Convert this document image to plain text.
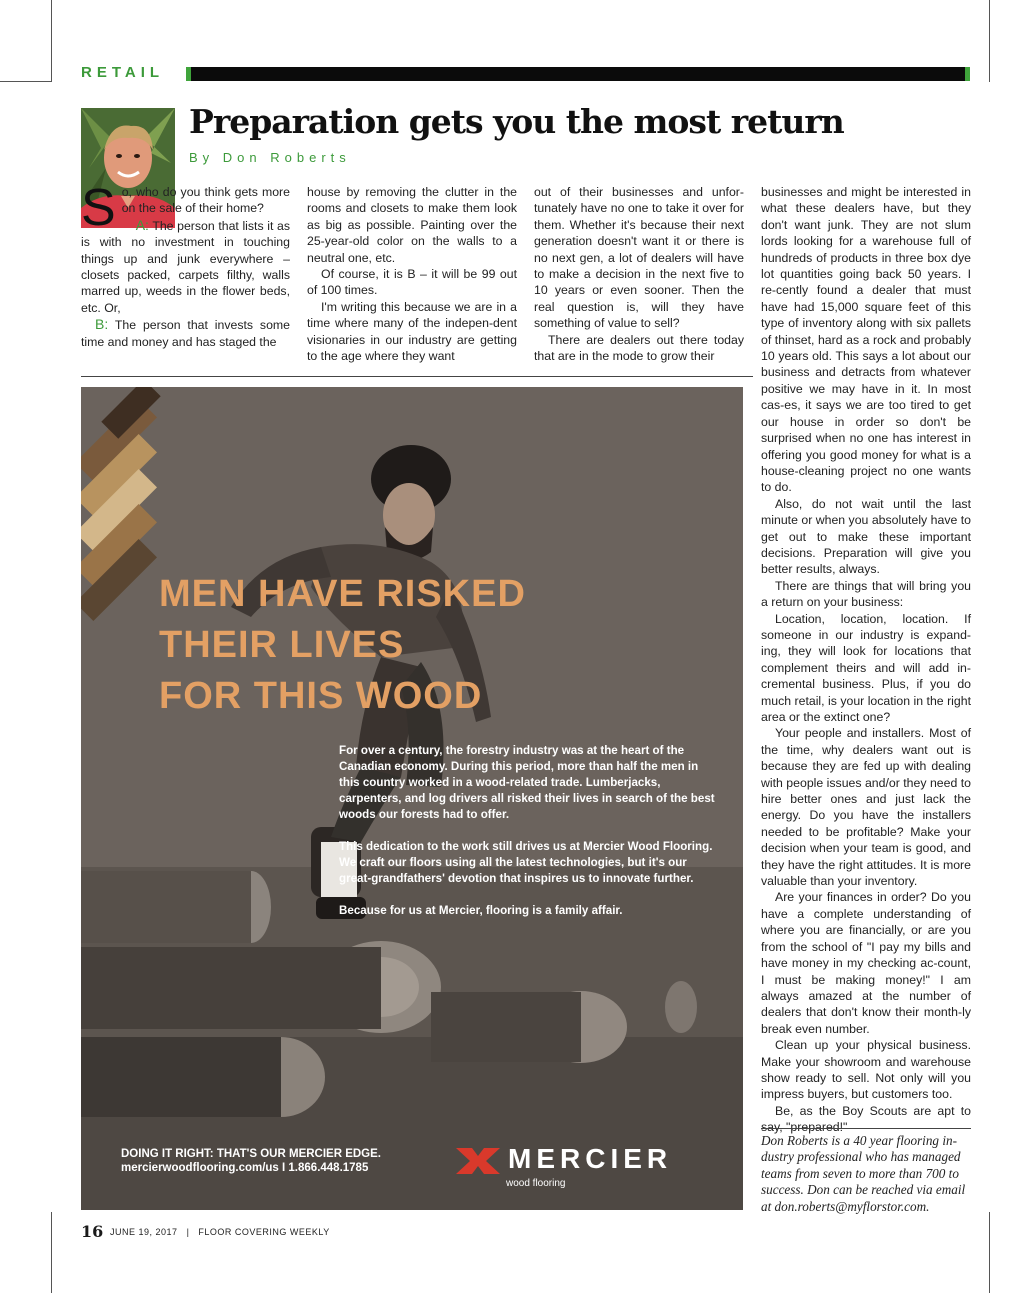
RETAIL
Preparation gets you the most return
By Don Roberts

So, who do you think gets more on the sale of their home?

A: The person that lists it as is with no investment in touching things up and junk everywhere – closets packed, carpets filthy, walls marred up, weeds in the flower beds, etc. Or,

B: The person that invests some time and money and has staged the

house by removing the clutter in the rooms and closets to make them look as big as possible. Painting over the 25-year-old color on the walls to a neutral one, etc.

Of course, it is B – it will be 99 out of 100 times.

I'm writing this because we are in a time where many of the indepen-dent visionaries in our industry are getting to the age where they want

out of their businesses and unfor-tunately have no one to take it over for them. Whether it's because their next generation doesn't want it or there is no next gen, a lot of dealers will have to make a decision in the next five to 10 years or even sooner. Then the real question is, will they have something of value to sell?

There are dealers out there today that are in the mode to grow their

businesses and might be interested in what these dealers have, but they don't want junk. They are not slum lords looking for a warehouse full of hundreds of products in three box dye lot quantities going back 50 years. I re-cently found a dealer that must have had 15,000 square feet of this type of inventory along with six pallets of thinset, hard as a rock and probably 10 years old. This says a lot about our business and detracts from whatever positive we may have in it. In most cas-es, it says we are too tired to get our house in order so don't be surprised when no one has interest in offering you good money for what is a house-cleaning project no one wants to do.

Also, do not wait until the last minute or when you absolutely have to get out to make these important decisions. Preparation will give you better results, always.

There are things that will bring you a return on your business:

Location, location, location. If someone in our industry is expand-ing, they will look for locations that complement theirs and will add in-cremental business. Plus, if you do much retail, is your location in the right area or the extinct one?

Your people and installers. Most of the time, why dealers want out is because they are fed up with dealing with people issues and/or they need to hire better ones and just lack the energy. Do you have the installers needed to be profitable? Make your decision when your team is good, and they have the right attitudes. It is more valuable than your inventory.

Are your finances in order? Do you have a complete understanding of where you are financially, or are you from the school of "I pay my bills and have money in my checking ac-count, I must be making money!" I am always amazed at the number of dealers that don't know their month-ly break even number.

Clean up your physical business. Make your showroom and warehouse show ready to sell. Not only will you impress buyers, but customers too.

Be, as the Boy Scouts are apt to

MEN HAVE RISKED
THEIR LIVES
FOR THIS WOOD

For over a century, the forestry industry was at the heart of the Canadian economy. During this period, more than half the men in this country worked in a wood-related trade. Lumberjacks, carpenters, and log drivers all risked their lives in search of the best woods our forests had to offer.

This dedication to the work still drives us at Mercier Wood Flooring. We craft our floors using all the latest technologies, but it's our great-grandfathers' devotion that inspires us to innovate further.

Because for us at Mercier, flooring is a family affair.

DOING IT RIGHT: THAT'S OUR MERCIER EDGE.
mercierwoodflooring.com/us I 1.866.448.1785	MERCIER
wood flooring
Don Roberts is a 40 year flooring in-dustry professional who has managed teams from seven to more than 700 to success. Don can be reached via email at don.roberts@myflorstor.com.
16 JUNE 19, 2017 | FLOOR COVERING WEEKLY
